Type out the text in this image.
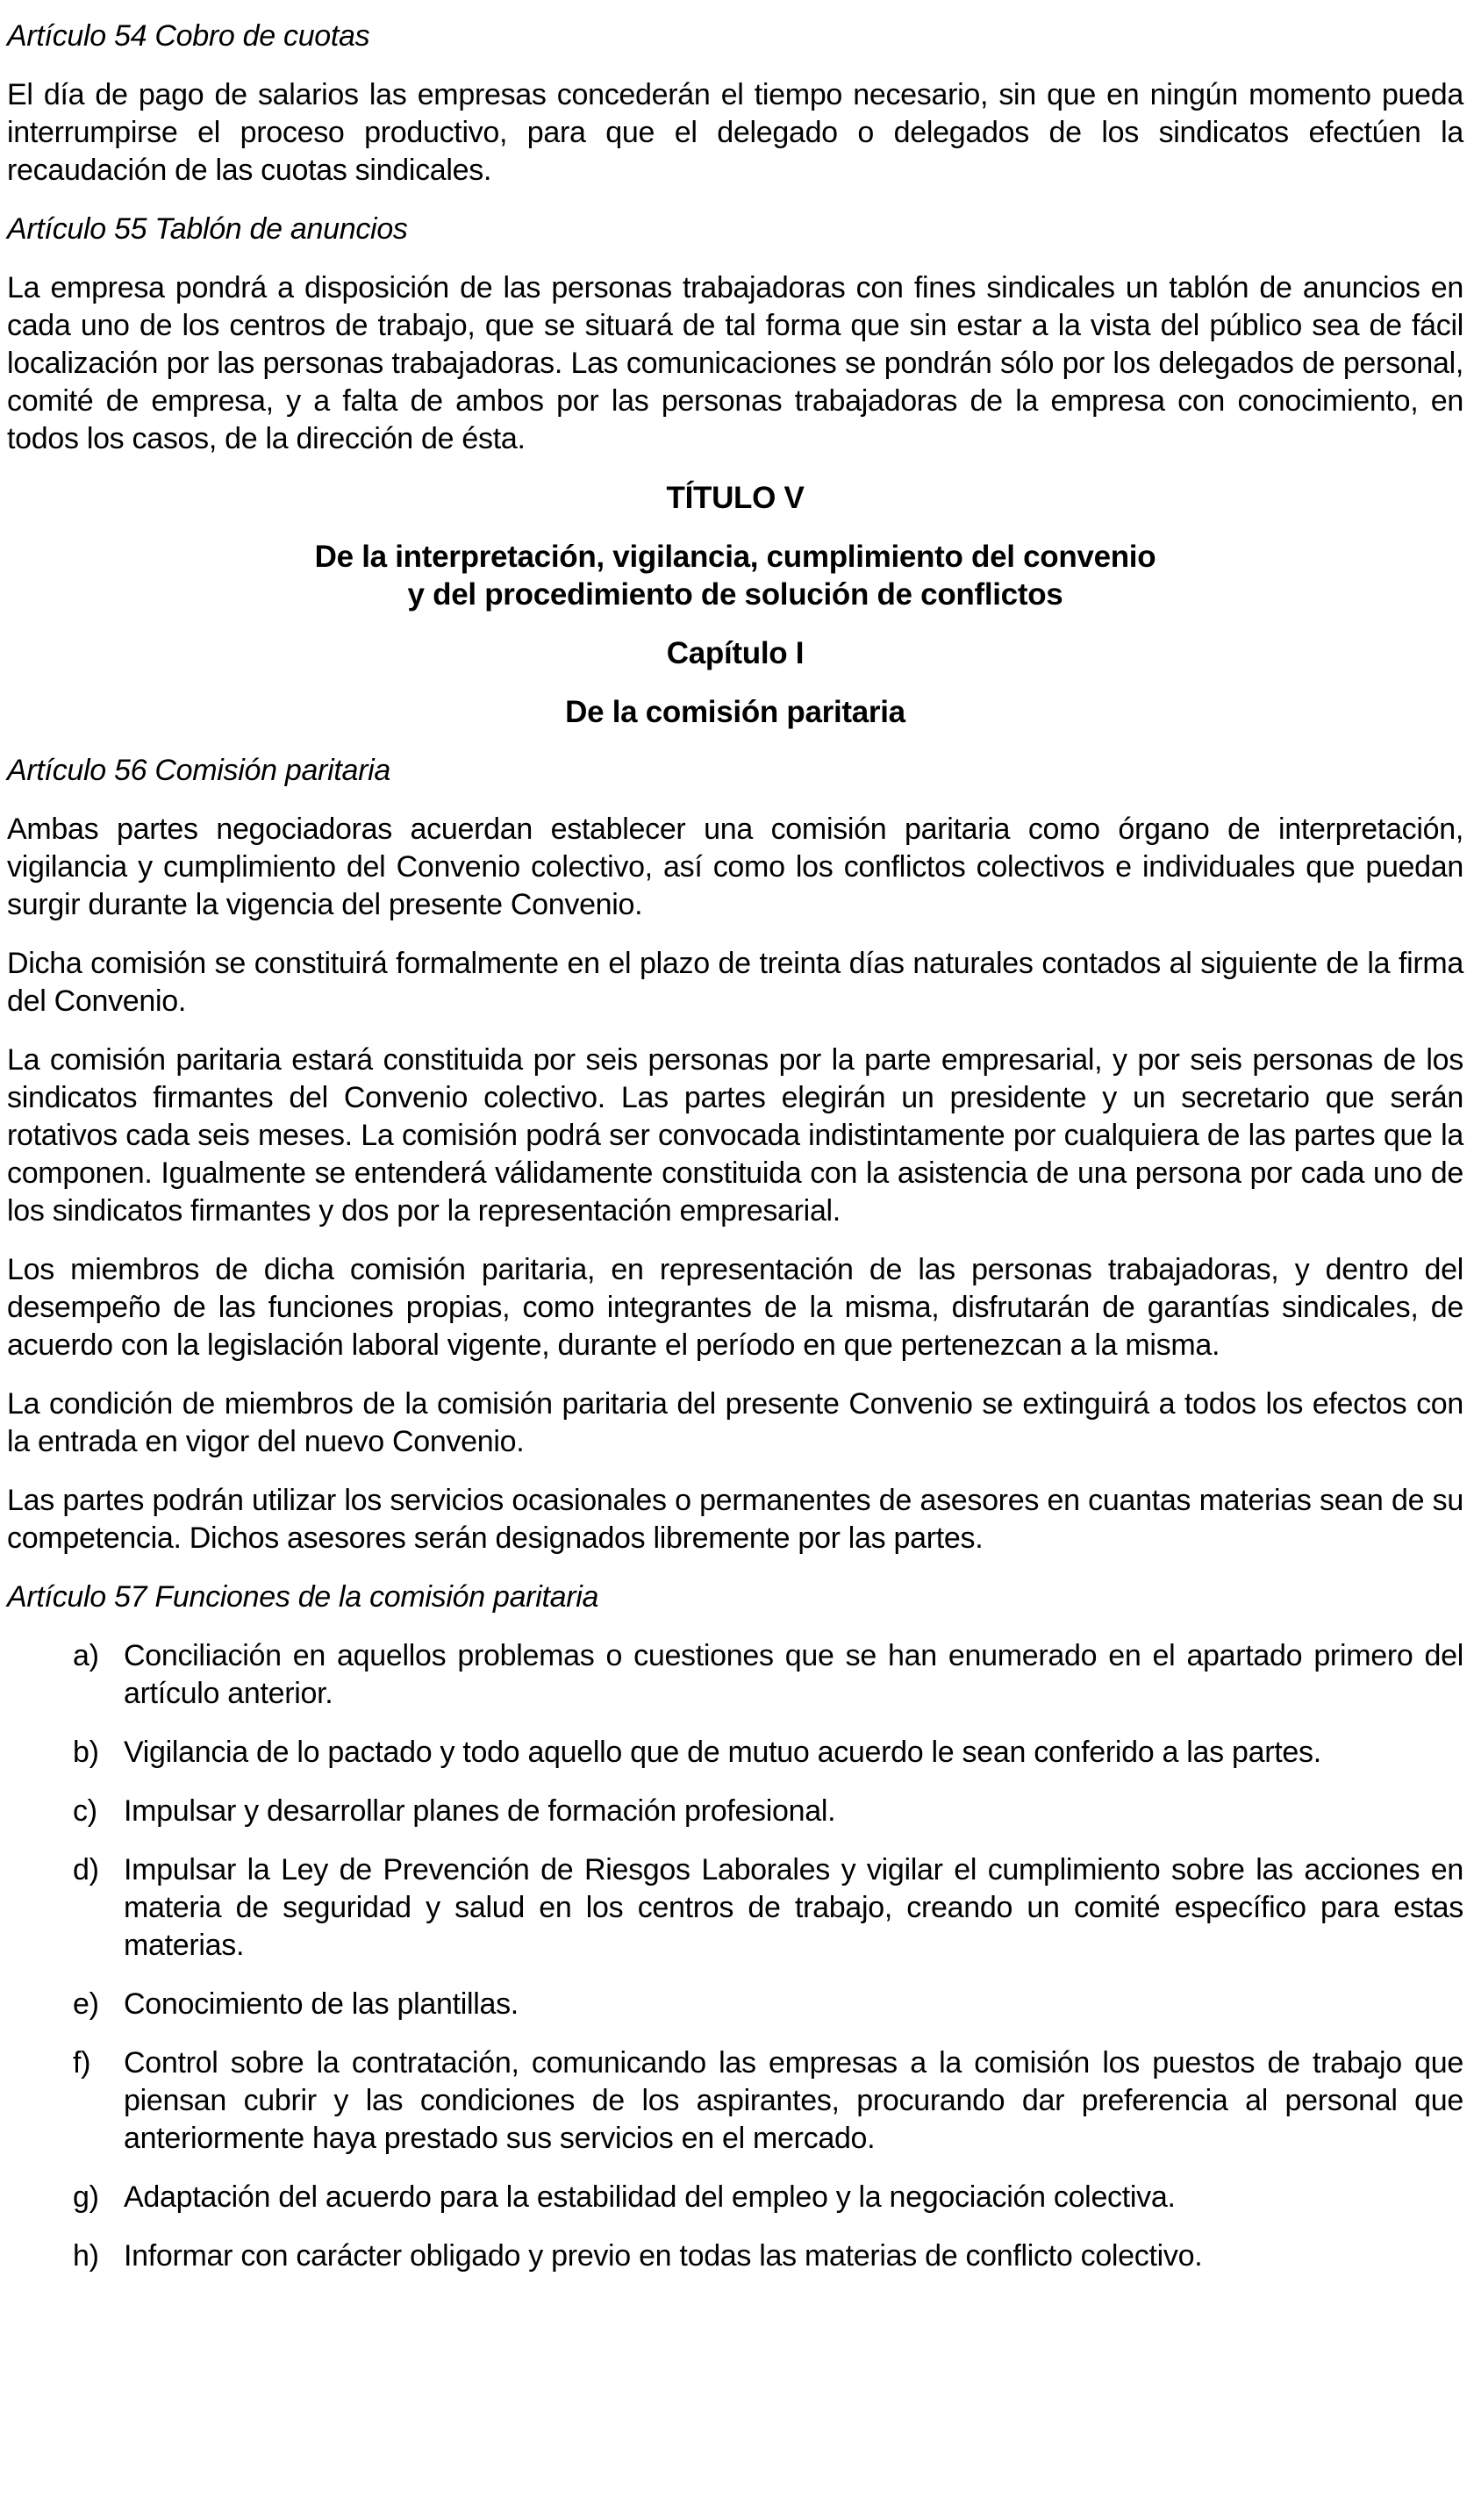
Artículo 54 Cobro de cuotas
El día de pago de salarios las empresas concederán el tiempo necesario, sin que en ningún momento pueda interrumpirse el proceso productivo, para que el delegado o delegados de los sindicatos efectúen la recaudación de las cuotas sindicales.
Artículo 55 Tablón de anuncios
La empresa pondrá a disposición de las personas trabajadoras con fines sindicales un tablón de anuncios en cada uno de los centros de trabajo, que se situará de tal forma que sin estar a la vista del público sea de fácil localización por las personas trabajadoras. Las comunicaciones se pondrán sólo por los delegados de personal, comité de empresa, y a falta de ambos por las personas trabajadoras de la empresa con conocimiento, en todos los casos, de la dirección de ésta.
TÍTULO V
De la interpretación, vigilancia, cumplimiento del convenio
y del procedimiento de solución de conflictos
Capítulo I
De la comisión paritaria
Artículo 56 Comisión paritaria
Ambas partes negociadoras acuerdan establecer una comisión paritaria como órgano de interpretación, vigilancia y cumplimiento del Convenio colectivo, así como los conflictos colectivos e individuales que puedan surgir durante la vigencia del presente Convenio.
Dicha comisión se constituirá formalmente en el plazo de treinta días naturales contados al siguiente de la firma del Convenio.
La comisión paritaria estará constituida por seis personas por la parte empresarial, y por seis personas de los sindicatos firmantes del Convenio colectivo. Las partes elegirán un presidente y un secretario que serán rotativos cada seis meses. La comisión podrá ser convocada indistintamente por cualquiera de las partes que la componen. Igualmente se entenderá válidamente constituida con la asistencia de una persona por cada uno de los sindicatos firmantes y dos por la representación empresarial.
Los miembros de dicha comisión paritaria, en representación de las personas trabajadoras, y dentro del desempeño de las funciones propias, como integrantes de la misma, disfrutarán de garantías sindicales, de acuerdo con la legislación laboral vigente, durante el período en que pertenezcan a la misma.
La condición de miembros de la comisión paritaria del presente Convenio se extinguirá a todos los efectos con la entrada en vigor del nuevo Convenio.
Las partes podrán utilizar los servicios ocasionales o permanentes de asesores en cuantas materias sean de su competencia. Dichos asesores serán designados libremente por las partes.
Artículo 57 Funciones de la comisión paritaria
a) Conciliación en aquellos problemas o cuestiones que se han enumerado en el apartado primero del artículo anterior.
b) Vigilancia de lo pactado y todo aquello que de mutuo acuerdo le sean conferido a las partes.
c) Impulsar y desarrollar planes de formación profesional.
d) Impulsar la Ley de Prevención de Riesgos Laborales y vigilar el cumplimiento sobre las acciones en materia de seguridad y salud en los centros de trabajo, creando un comité específico para estas materias.
e) Conocimiento de las plantillas.
f)	Control sobre la contratación, comunicando las empresas a la comisión los puestos de trabajo que piensan cubrir y las condiciones de los aspirantes, procurando dar preferencia al personal que anteriormente haya prestado sus servicios en el mercado.
g) Adaptación del acuerdo para la estabilidad del empleo y la negociación colectiva.
h) Informar con carácter obligado y previo en todas las materias de conflicto colectivo.
